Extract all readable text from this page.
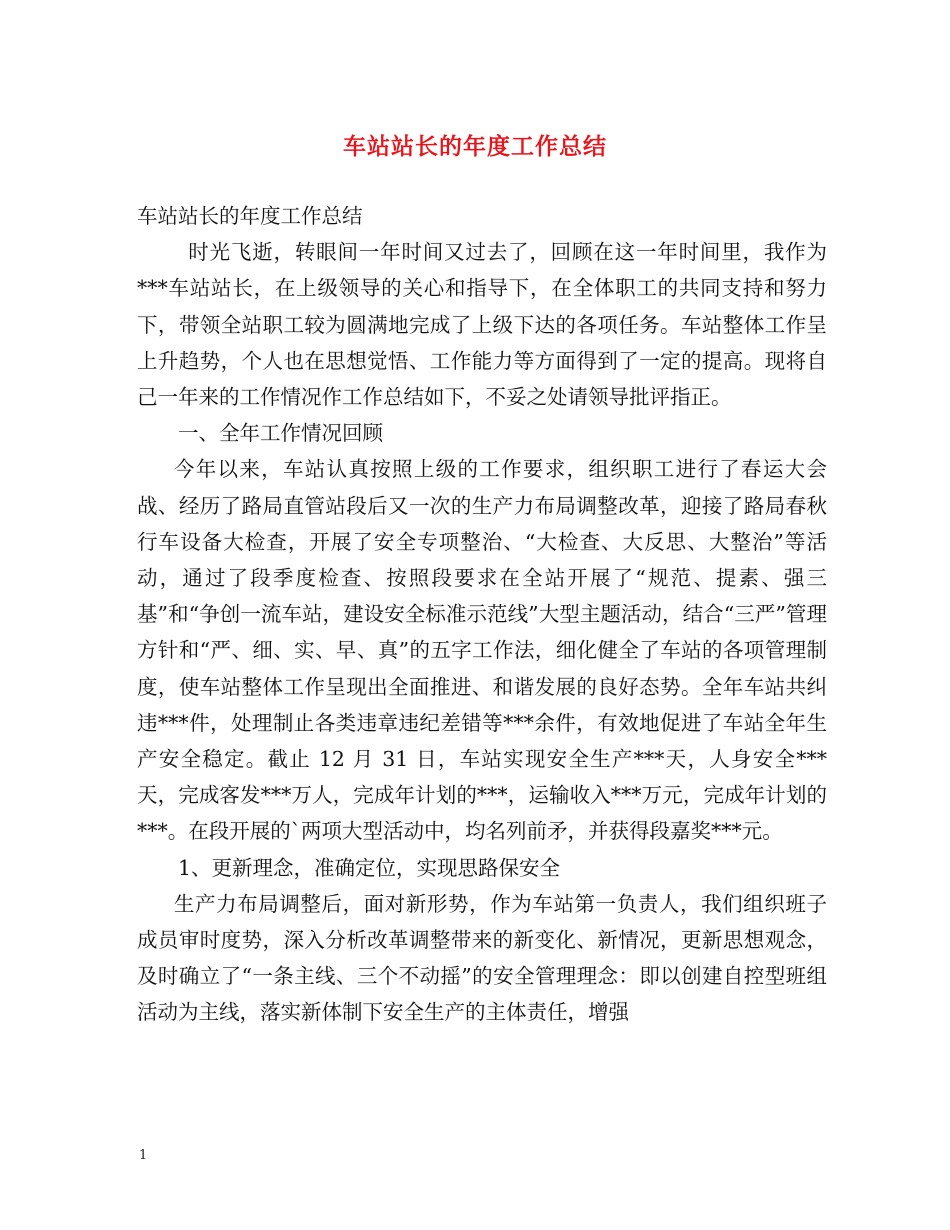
车站站长的年度工作总结

车站站长的年度工作总结

时光飞逝，转眼间一年时间又过去了，回顾在这一年时间里，我作为***车站站长，在上级领导的关心和指导下，在全体职工的共同支持和努力下，带领全站职工较为圆满地完成了上级下达的各项任务。车站整体工作呈上升趋势，个人也在思想觉悟、工作能力等方面得到了一定的提高。现将自己一年来的工作情况作工作总结如下，不妥之处请领导批评指正。

一、全年工作情况回顾

今年以来，车站认真按照上级的工作要求，组织职工进行了春运大会战、经历了路局直管站段后又一次的生产力布局调整改革，迎接了路局春秋行车设备大检查，开展了安全专项整治、“大检查、大反思、大整治”等活动，通过了段季度检查、按照段要求在全站开展了“规范、提素、强三基”和“争创一流车站，建设安全标准示范线”大型主题活动，结合“三严”管理方针和“严、细、实、早、真”的五字工作法，细化健全了车站的各项管理制度，使车站整体工作呈现出全面推进、和谐发展的良好态势。全年车站共纠违***件，处理制止各类违章违纪差错等***余件，有效地促进了车站全年生产安全稳定。截止 12 月 31 日，车站实现安全生产***天，人身安全***天，完成客发***万人，完成年计划的***，运输收入***万元，完成年计划的***。在段开展的`两项大型活动中，均名列前矛，并获得段嘉奖***元。

1、更新理念，准确定位，实现思路保安全

生产力布局调整后，面对新形势，作为车站第一负责人，我们组织班子成员审时度势，深入分析改革调整带来的新变化、新情况，更新思想观念，及时确立了“一条主线、三个不动摇”的安全管理理念：即以创建自控型班组活动为主线，落实新体制下安全生产的主体责任，增强

1
